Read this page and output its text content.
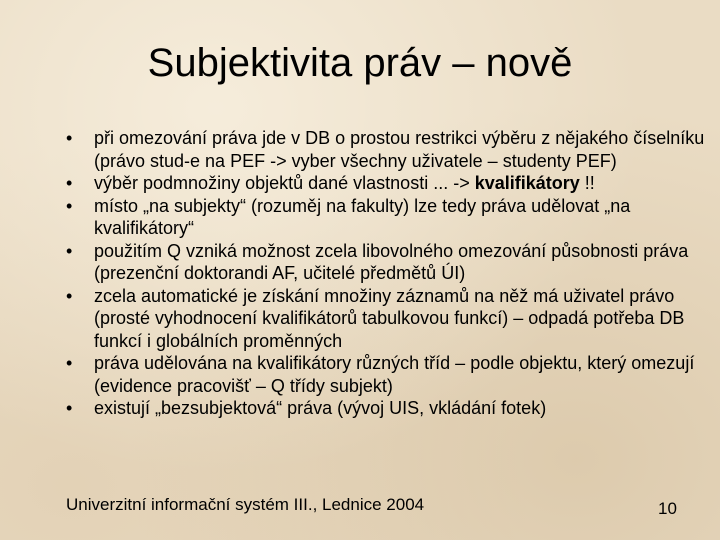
Subjektivita práv – nově
• při omezování práva jde v DB o prostou restrikci výběru z nějakého číselníku (právo stud-e na PEF -> vyber všechny uživatele – studenty PEF)
• výběr podmnožiny objektů dané vlastnosti ... -> kvalifikátory !!
• místo „na subjekty“ (rozuměj na fakulty) lze tedy práva udělovat „na kvalifikátory“
• použitím Q vzniká možnost zcela libovolného omezování působnosti práva (prezenční doktorandi AF, učitelé předmětů ÚI)
• zcela automatické je získání množiny záznamů na něž má uživatel právo (prosté vyhodnocení kvalifikátorů tabulkovou funkcí) – odpadá potřeba DB funkcí i globálních proměnných
• práva udělována na kvalifikátory různých tříd – podle objektu, který omezují (evidence pracovišť – Q třídy subjekt)
• existují „bezsubjektová“ práva (vývoj UIS, vkládání fotek)
Univerzitní informační systém III., Lednice 2004	10
